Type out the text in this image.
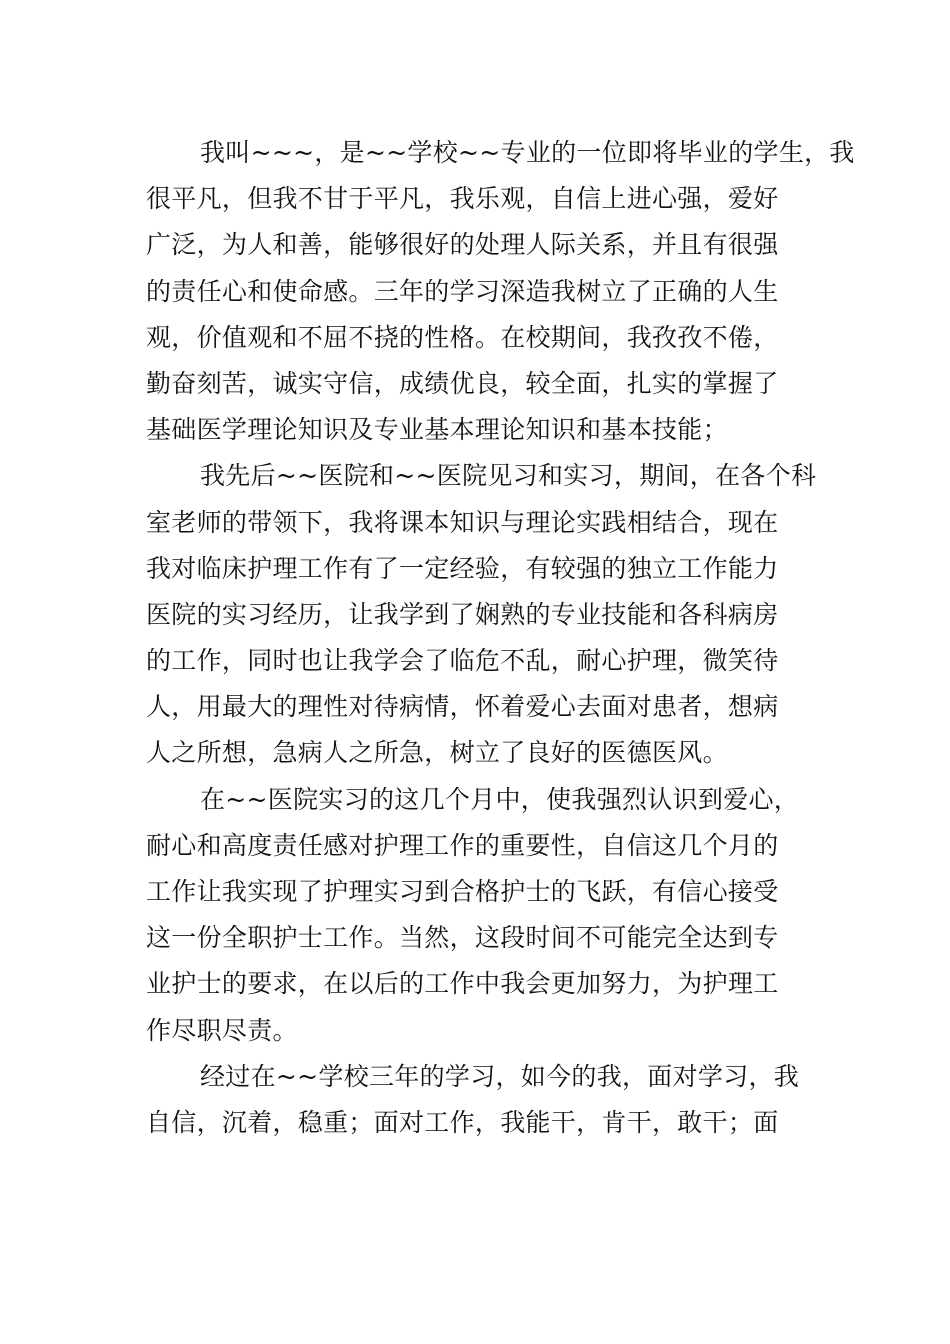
我叫~~~，是~~学校~~专业的一位即将毕业的学生，我
很平凡，但我不甘于平凡，我乐观，自信上进心强，爱好
广泛，为人和善，能够很好的处理人际关系，并且有很强
的责任心和使命感。三年的学习深造我树立了正确的人生
观，价值观和不屈不挠的性格。在校期间，我孜孜不倦，
勤奋刻苦，诚实守信，成绩优良，较全面，扎实的掌握了
基础医学理论知识及专业基本理论知识和基本技能；
我先后~~医院和~~医院见习和实习，期间，在各个科
室老师的带领下，我将课本知识与理论实践相结合，现在
我对临床护理工作有了一定经验，有较强的独立工作能力
医院的实习经历，让我学到了娴熟的专业技能和各科病房
的工作，同时也让我学会了临危不乱，耐心护理，微笑待
人，用最大的理性对待病情，怀着爱心去面对患者，想病
人之所想，急病人之所急，树立了良好的医德医风。
在~~医院实习的这几个月中，使我强烈认识到爱心，
耐心和高度责任感对护理工作的重要性，自信这几个月的
工作让我实现了护理实习到合格护士的飞跃，有信心接受
这一份全职护士工作。当然，这段时间不可能完全达到专
业护士的要求，在以后的工作中我会更加努力，为护理工
作尽职尽责。
经过在~~学校三年的学习，如今的我，面对学习，我
自信，沉着，稳重；面对工作，我能干，肯干，敢干；面
